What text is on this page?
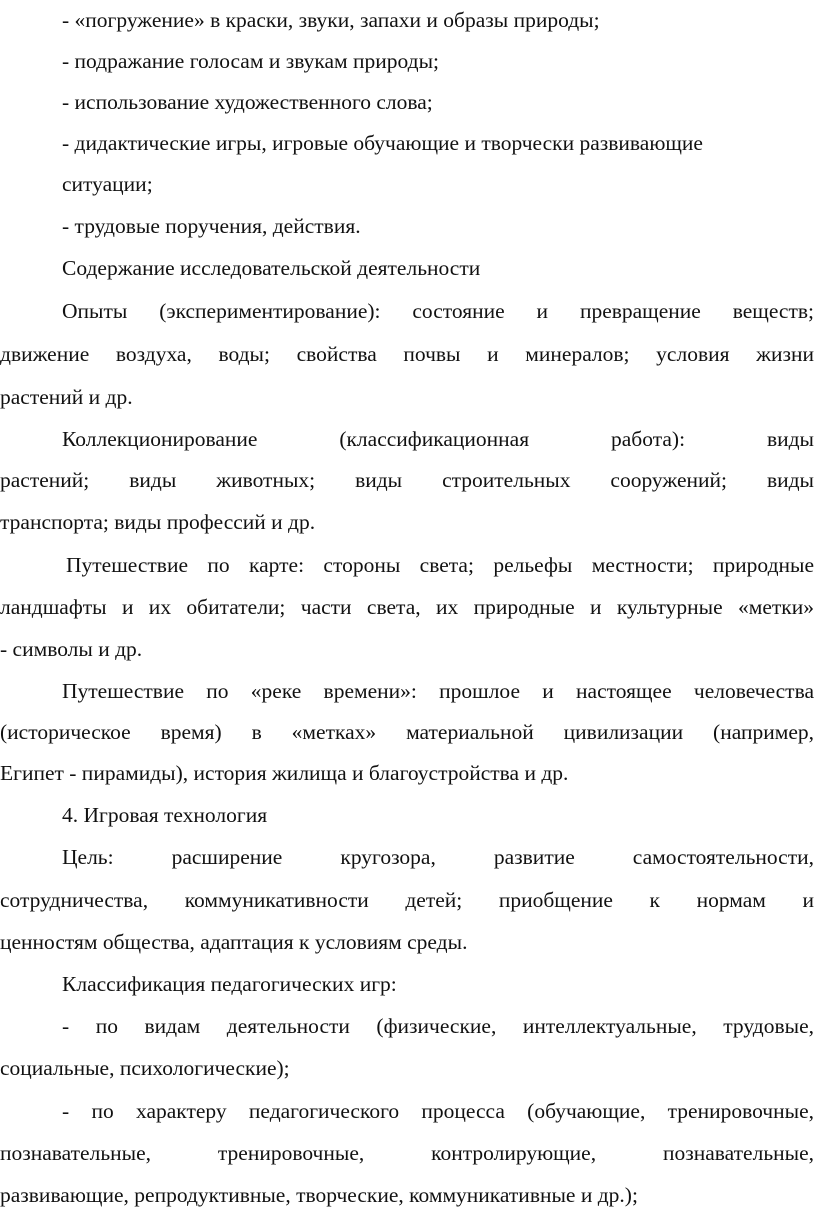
- «погружение» в краски, звуки, запахи и образы природы;
- подражание голосам и звукам природы;
- использование художественного слова;
- дидактические игры, игровые обучающие и творчески развивающие
ситуации;
- трудовые поручения, действия.
Содержание исследовательской деятельности
Опыты (экспериментирование): состояние и превращение веществ;
движение воздуха, воды; свойства почвы и минералов; условия жизни
растений и др.
Коллекционирование (классификационная работа): виды
растений; виды животных; виды строительных сооружений; виды
транспорта; виды профессий и др.
Путешествие по карте: стороны света; рельефы местности; природные
ландшафты и их обитатели; части света, их природные и культурные «метки»
- символы и др.
Путешествие по «реке времени»: прошлое и настоящее человечества
(историческое время) в «метках» материальной цивилизации (например,
Египет - пирамиды), история жилища и благоустройства и др.
4. Игровая технология
Цель: расширение кругозора, развитие самостоятельности,
сотрудничества, коммуникативности детей; приобщение к нормам и
ценностям общества, адаптация к условиям среды.
Классификация педагогических игр:
- по видам деятельности (физические, интеллектуальные, трудовые,
социальные, психологические);
- по характеру педагогического процесса (обучающие, тренировочные,
познавательные, тренировочные, контролирующие, познавательные,
развивающие, репродуктивные, творческие, коммуникативные и др.);
